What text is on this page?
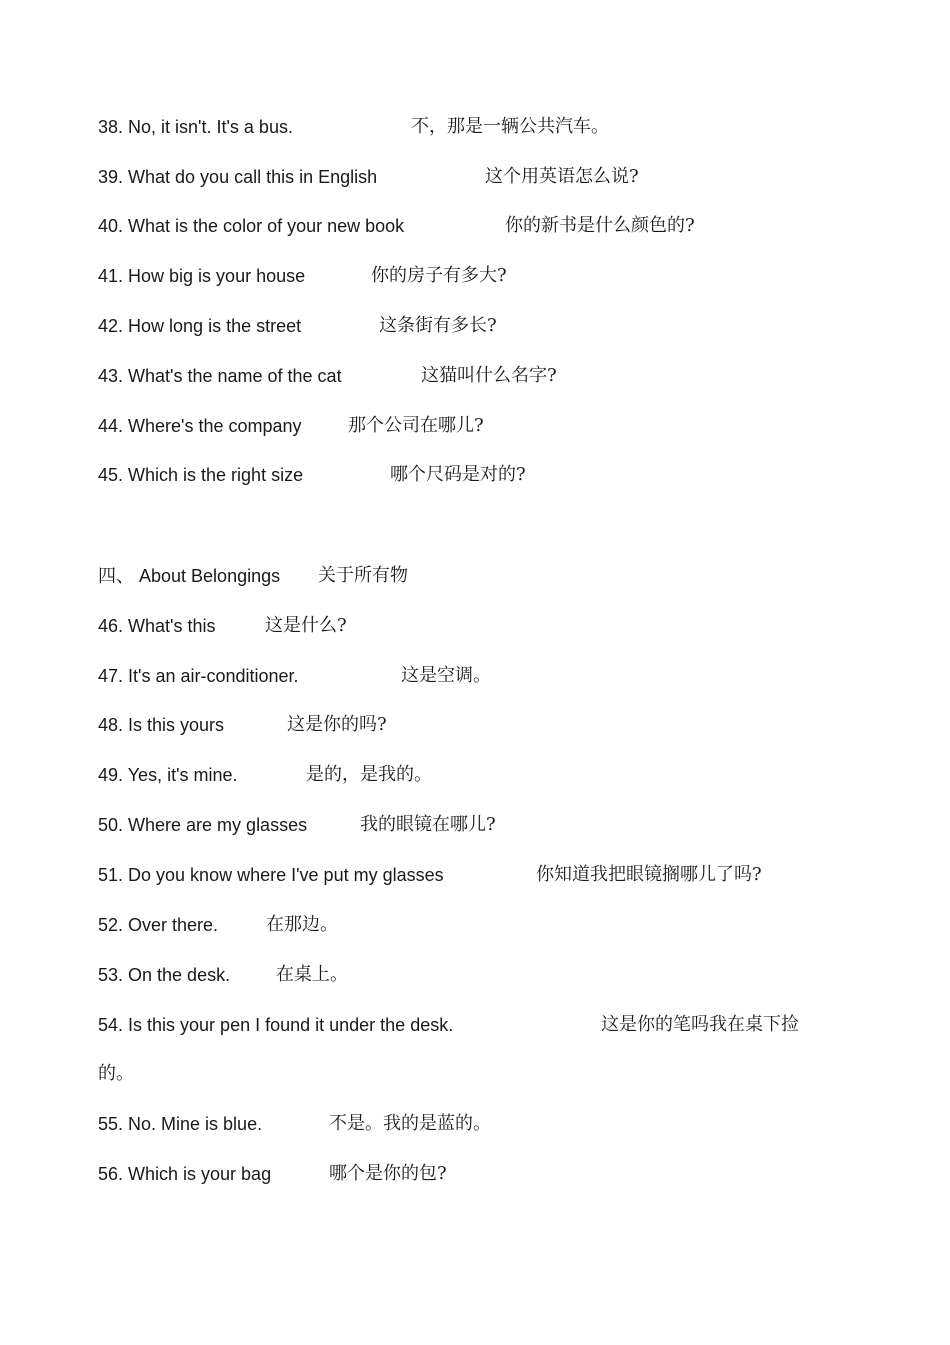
38. No, it isn't. It's a bus.	不，那是一辆公共汽车。
39. What do you call this in English	这个用英语怎么说?
40. What is the color of your new book	你的新书是什么颜色的?
41. How big is your house	你的房子有多大?
42. How long is the street	这条街有多长?
43. What's the name of the cat	这猫叫什么名字?
44. Where's the company	那个公司在哪儿?
45. Which is the right size	哪个尺码是对的?
四、 About Belongings 关于所有物
46. What's this	这是什么?
47. It's an air-conditioner.	这是空调。
48. Is this yours	这是你的吗?
49. Yes, it's mine.	是的，是我的。
50. Where are my glasses	我的眼镜在哪儿?
51. Do you know where I've put my glasses	你知道我把眼镜搁哪儿了吗?
52. Over there.	在那边。
53. On the desk.	在桌上。
54. Is this your pen I found it under the desk.	这是你的笔吗我在桌下捡
的。
55. No. Mine is blue.	不是。我的是蓝的。
56. Which is your bag	哪个是你的包?
